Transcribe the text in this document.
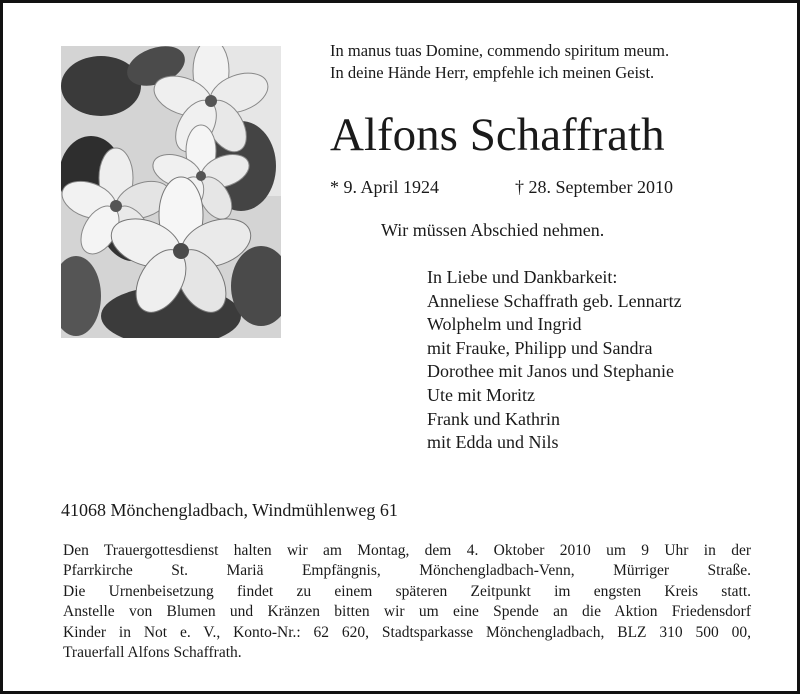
In manus tuas Domine, commendo spiritum meum.
In deine Hände Herr, empfehle ich meinen Geist.
Alfons Schaffrath
* 9. April 1924	† 28. September 2010
Wir müssen Abschied nehmen.
In Liebe und Dankbarkeit:
Anneliese Schaffrath geb. Lennartz
Wolphelm und Ingrid
mit Frauke, Philipp und Sandra
Dorothee mit Janos und Stephanie
Ute mit Moritz
Frank und Kathrin
mit Edda und Nils
41068 Mönchengladbach, Windmühlenweg 61
Den Trauergottesdienst halten wir am Montag, dem 4. Oktober 2010 um 9 Uhr in der
Pfarrkirche St. Mariä Empfängnis, Mönchengladbach-Venn, Mürriger Straße.
Die Urnenbeisetzung findet zu einem späteren Zeitpunkt im engsten Kreis statt.
Anstelle von Blumen und Kränzen bitten wir um eine Spende an die Aktion Friedensdorf
Kinder in Not e. V., Konto-Nr.: 62 620, Stadtsparkasse Mönchengladbach, BLZ 310 500 00,
Trauerfall Alfons Schaffrath.
